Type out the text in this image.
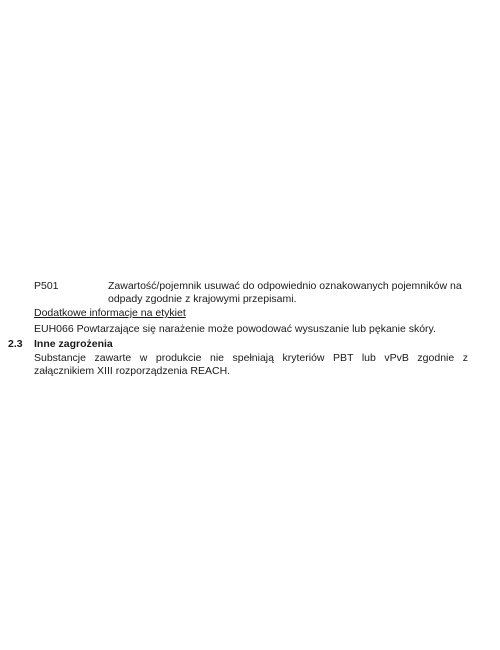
P501	Zawartość/pojemnik usuwać do odpowiednio oznakowanych pojemników na odpady zgodnie z krajowymi przepisami.
Dodatkowe informacje na etykiet
EUH066 Powtarzające się narażenie może powodować wysuszanie lub pękanie skóry.
2.3 Inne zagrożenia
Substancje zawarte w produkcie nie spełniają kryteriów PBT lub vPvB zgodnie z załącznikiem XIII rozporządzenia REACH.
